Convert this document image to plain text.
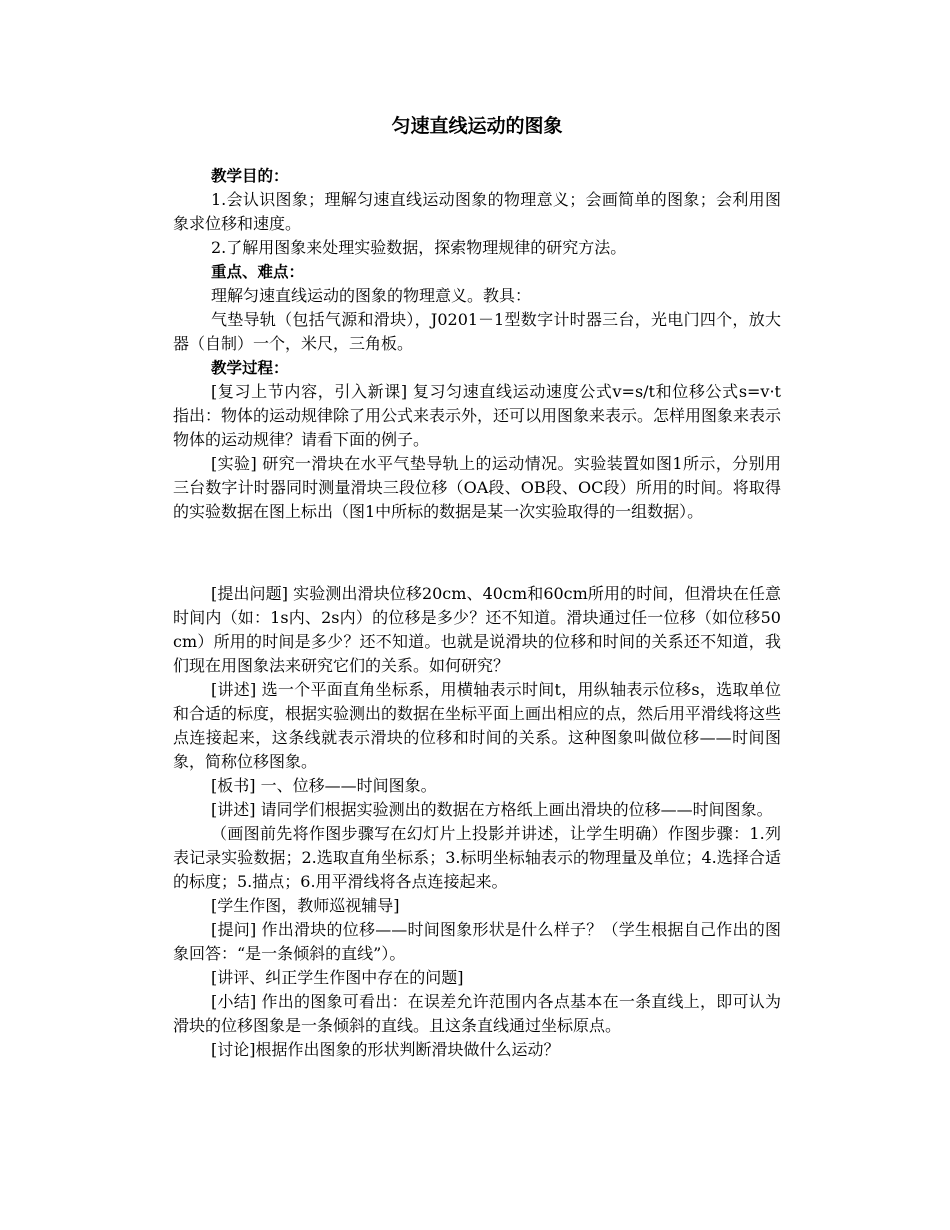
匀速直线运动的图象

教学目的：

1.会认识图象；理解匀速直线运动图象的物理意义；会画简单的图象；会利用图象求位移和速度。

2.了解用图象来处理实验数据，探索物理规律的研究方法。

重点、难点：

理解匀速直线运动的图象的物理意义。教具：

气垫导轨（包括气源和滑块），J0201－1型数字计时器三台，光电门四个，放大器（自制）一个，米尺，三角板。

教学过程：

[复习上节内容，引入新课] 复习匀速直线运动速度公式v=s/t和位移公式s=v·t 指出：物体的运动规律除了用公式来表示外，还可以用图象来表示。怎样用图象来表示物体的运动规律？请看下面的例子。

[实验] 研究一滑块在水平气垫导轨上的运动情况。实验装置如图1所示，分别用三台数字计时器同时测量滑块三段位移（OA段、OB段、OC段）所用的时间。将取得的实验数据在图上标出（图1中所标的数据是某一次实验取得的一组数据）。

[提出问题] 实验测出滑块位移20cm、40cm和60cm所用的时间，但滑块在任意时间内（如：1s内、2s内）的位移是多少？还不知道。滑块通过任一位移（如位移50cm）所用的时间是多少？还不知道。也就是说滑块的位移和时间的关系还不知道，我们现在用图象法来研究它们的关系。如何研究？

[讲述] 选一个平面直角坐标系，用横轴表示时间t，用纵轴表示位移s，选取单位和合适的标度，根据实验测出的数据在坐标平面上画出相应的点，然后用平滑线将这些点连接起来，这条线就表示滑块的位移和时间的关系。这种图象叫做位移——时间图象，简称位移图象。

[板书] 一、位移——时间图象。

[讲述] 请同学们根据实验测出的数据在方格纸上画出滑块的位移——时间图象。

（画图前先将作图步骤写在幻灯片上投影并讲述，让学生明确）作图步骤：1.列表记录实验数据；2.选取直角坐标系；3.标明坐标轴表示的物理量及单位；4.选择合适的标度；5.描点；6.用平滑线将各点连接起来。

[学生作图，教师巡视辅导]

[提问] 作出滑块的位移——时间图象形状是什么样子？（学生根据自己作出的图象回答：“是一条倾斜的直线”）。

[讲评、纠正学生作图中存在的问题]

[小结] 作出的图象可看出：在误差允许范围内各点基本在一条直线上，即可认为滑块的位移图象是一条倾斜的直线。且这条直线通过坐标原点。

[讨论]根据作出图象的形状判断滑块做什么运动？
